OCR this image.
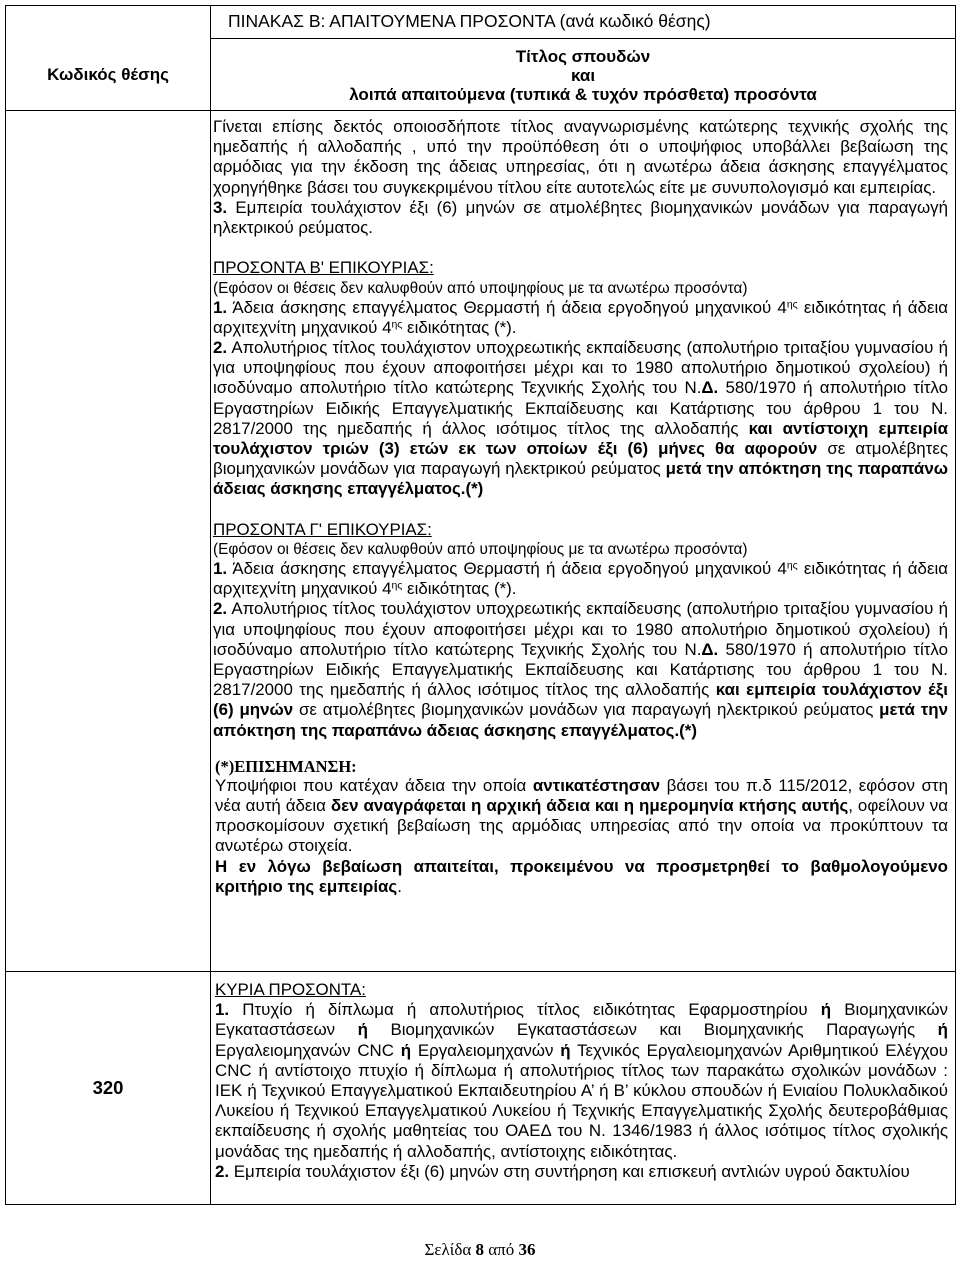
Κωδικός θέσης
ΠΙΝΑΚΑΣ Β: ΑΠΑΙΤΟΥΜΕΝΑ ΠΡΟΣΟΝΤΑ (ανά κωδικό θέσης)
Τίτλος σπουδών
και
λοιπά απαιτούμενα (τυπικά & τυχόν πρόσθετα) προσόντα

Γίνεται επίσης δεκτός οποιοσδήποτε τίτλος αναγνωρισμένης κατώτερης τεχνικής σχολής της ημεδαπής ή αλλοδαπής , υπό την προϋπόθεση ότι ο υποψήφιος υποβάλλει βεβαίωση της αρμόδιας για την έκδοση της άδειας υπηρεσίας, ότι η ανωτέρω άδεια άσκησης επαγγέλματος χορηγήθηκε βάσει του συγκεκριμένου τίτλου είτε αυτοτελώς είτε με συνυπολογισμό και εμπειρίας.

3. Εμπειρία τουλάχιστον έξι (6) μηνών σε ατμολέβητες βιομηχανικών μονάδων για παραγωγή ηλεκτρικού ρεύματος.

ΠΡΟΣΟΝΤΑ Β' ΕΠΙΚΟΥΡΙΑΣ:

(Εφόσον οι θέσεις δεν καλυφθούν από υποψηφίους με τα ανωτέρω προσόντα)

1. Άδεια άσκησης επαγγέλματος Θερμαστή ή άδεια εργοδηγού μηχανικού $4^{\eta\varsigma}$ ειδικότητας ή άδεια αρχιτεχνίτη μηχανικού $4^{\eta\varsigma}$ ειδικότητας (*).

2. Απολυτήριος τίτλος τουλάχιστον υποχρεωτικής εκπαίδευσης (απολυτήριο τριταξίου γυμνασίου ή για υποψηφίους που έχουν αποφοιτήσει μέχρι και το 1980 απολυτήριο δημοτικού σχολείου) ή ισοδύναμο απολυτήριο τίτλο κατώτερης Τεχνικής Σχολής του Ν.Δ. 580/1970 ή απολυτήριο τίτλο Εργαστηρίων Ειδικής Επαγγελματικής Εκπαίδευσης και Κατάρτισης του άρθρου 1 του Ν. 2817/2000 της ημεδαπής ή άλλος ισότιμος τίτλος της αλλοδαπής και αντίστοιχη εμπειρία τουλάχιστον τριών (3) ετών εκ των οποίων έξι (6) μήνες θα αφορούν σε ατμολέβητες βιομηχανικών μονάδων για παραγωγή ηλεκτρικού ρεύματος μετά την απόκτηση της παραπάνω άδειας άσκησης επαγγέλματος.(*)

ΠΡΟΣΟΝΤΑ Γ' ΕΠΙΚΟΥΡΙΑΣ:

(Εφόσον οι θέσεις δεν καλυφθούν από υποψηφίους με τα ανωτέρω προσόντα)

1. Άδεια άσκησης επαγγέλματος Θερμαστή ή άδεια εργοδηγού μηχανικού $4^{\eta\varsigma}$ ειδικότητας ή άδεια αρχιτεχνίτη μηχανικού $4^{\eta\varsigma}$ ειδικότητας (*).

2. Απολυτήριος τίτλος τουλάχιστον υποχρεωτικής εκπαίδευσης (απολυτήριο τριταξίου γυμνασίου ή για υποψηφίους που έχουν αποφοιτήσει μέχρι και το 1980 απολυτήριο δημοτικού σχολείου) ή ισοδύναμο απολυτήριο τίτλο κατώτερης Τεχνικής Σχολής του Ν.Δ. 580/1970 ή απολυτήριο τίτλο Εργαστηρίων Ειδικής Επαγγελματικής Εκπαίδευσης και Κατάρτισης του άρθρου 1 του Ν. 2817/2000 της ημεδαπής ή άλλος ισότιμος τίτλος της αλλοδαπής και εμπειρία τουλάχιστον έξι (6) μηνών σε ατμολέβητες βιομηχανικών μονάδων για παραγωγή ηλεκτρικού ρεύματος μετά την απόκτηση της παραπάνω άδειας άσκησης επαγγέλματος.(*)

(*)ΕΠΙΣΗΜΑΝΣΗ:

Υποψήφιοι που κατέχαν άδεια την οποία αντικατέστησαν βάσει του π.δ 115/2012, εφόσον στη νέα αυτή άδεια δεν αναγράφεται η αρχική άδεια και η ημερομηνία κτήσης αυτής, οφείλουν να προσκομίσουν σχετική βεβαίωση της αρμόδιας υπηρεσίας από την οποία να προκύπτουν τα ανωτέρω στοιχεία.

Η εν λόγω βεβαίωση απαιτείται, προκειμένου να προσμετρηθεί το βαθμολογούμενο κριτήριο της εμπειρίας.

320

ΚΥΡΙΑ ΠΡΟΣΟΝΤΑ:

1. Πτυχίο ή δίπλωμα ή απολυτήριος τίτλος ειδικότητας Εφαρμοστηρίου ή Βιομηχανικών Εγκαταστάσεων ή Βιομηχανικών Εγκαταστάσεων και Βιομηχανικής Παραγωγής ή Εργαλειομηχανών CNC ή Εργαλειομηχανών ή Τεχνικός Εργαλειομηχανών Αριθμητικού Ελέγχου CNC ή αντίστοιχο πτυχίο ή δίπλωμα ή απολυτήριος τίτλος των παρακάτω σχολικών μονάδων : ΙΕΚ ή Τεχνικού Επαγγελματικού Εκπαιδευτηρίου Α’ ή Β’ κύκλου σπουδών ή Ενιαίου Πολυκλαδικού Λυκείου ή Τεχνικού Επαγγελματικού Λυκείου ή Τεχνικής Επαγγελματικής Σχολής δευτεροβάθμιας εκπαίδευσης ή σχολής μαθητείας του ΟΑΕΔ του Ν. 1346/1983 ή άλλος ισότιμος τίτλος σχολικής μονάδας της ημεδαπής ή αλλοδαπής, αντίστοιχης ειδικότητας.

2. Εμπειρία τουλάχιστον έξι (6) μηνών στη συντήρηση και επισκευή αντλιών υγρού δακτυλίου

Σελίδα 8 από 36
